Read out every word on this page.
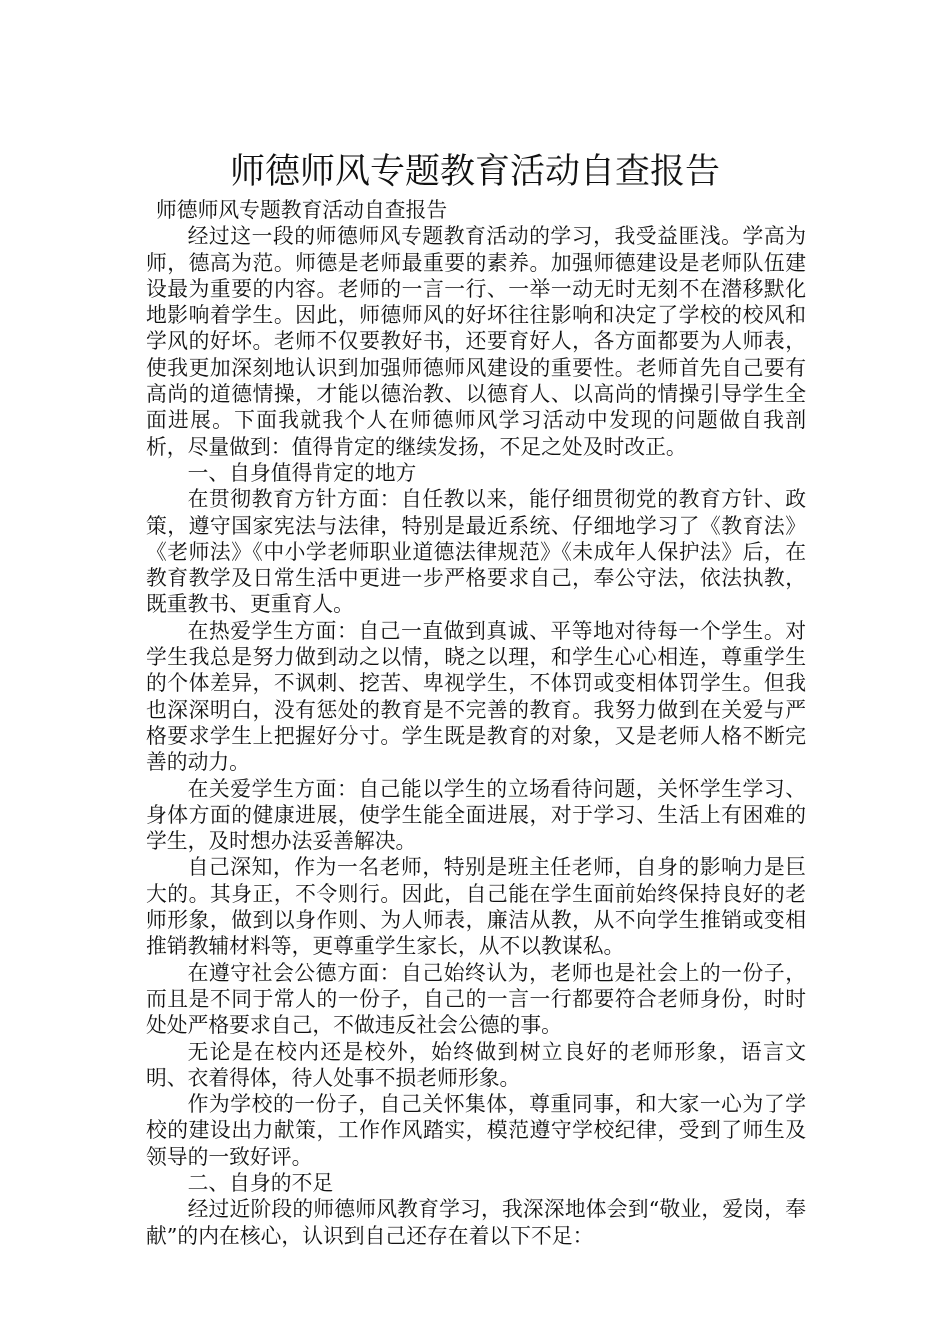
师德师风专题教育活动自查报告

师德师风专题教育活动自查报告

经过这一段的师德师风专题教育活动的学习，我受益匪浅。学高为师，德高为范。师德是老师最重要的素养。加强师德建设是老师队伍建设最为重要的内容。老师的一言一行、一举一动无时无刻不在潜移默化地影响着学生。因此，师德师风的好坏往往影响和决定了学校的校风和学风的好坏。老师不仅要教好书，还要育好人，各方面都要为人师表，使我更加深刻地认识到加强师德师风建设的重要性。老师首先自己要有高尚的道德情操，才能以德治教、以德育人、以高尚的情操引导学生全面进展。下面我就我个人在师德师风学习活动中发现的问题做自我剖析，尽量做到：值得肯定的继续发扬，不足之处及时改正。

一、自身值得肯定的地方

在贯彻教育方针方面：自任教以来，能仔细贯彻党的教育方针、政策，遵守国家宪法与法律，特别是最近系统、仔细地学习了《教育法》《老师法》《中小学老师职业道德法律规范》《未成年人保护法》后，在教育教学及日常生活中更进一步严格要求自己，奉公守法，依法执教，既重教书、更重育人。

在热爱学生方面：自己一直做到真诚、平等地对待每一个学生。对学生我总是努力做到动之以情，晓之以理，和学生心心相连，尊重学生的个体差异，不讽刺、挖苦、卑视学生，不体罚或变相体罚学生。但我也深深明白，没有惩处的教育是不完善的教育。我努力做到在关爱与严格要求学生上把握好分寸。学生既是教育的对象，又是老师人格不断完善的动力。

在关爱学生方面：自己能以学生的立场看待问题，关怀学生学习、身体方面的健康进展，使学生能全面进展，对于学习、生活上有困难的学生，及时想办法妥善解决。

自己深知，作为一名老师，特别是班主任老师，自身的影响力是巨大的。其身正，不令则行。因此，自己能在学生面前始终保持良好的老师形象，做到以身作则、为人师表，廉洁从教，从不向学生推销或变相推销教辅材料等，更尊重学生家长，从不以教谋私。

在遵守社会公德方面：自己始终认为，老师也是社会上的一份子，而且是不同于常人的一份子，自己的一言一行都要符合老师身份，时时处处严格要求自己，不做违反社会公德的事。

无论是在校内还是校外，始终做到树立良好的老师形象，语言文明、衣着得体，待人处事不损老师形象。

作为学校的一份子，自己关怀集体，尊重同事，和大家一心为了学校的建设出力献策，工作作风踏实，模范遵守学校纪律，受到了师生及领导的一致好评。

二、自身的不足

经过近阶段的师德师风教育学习，我深深地体会到“敬业，爱岗，奉献”的内在核心，认识到自己还存在着以下不足：
